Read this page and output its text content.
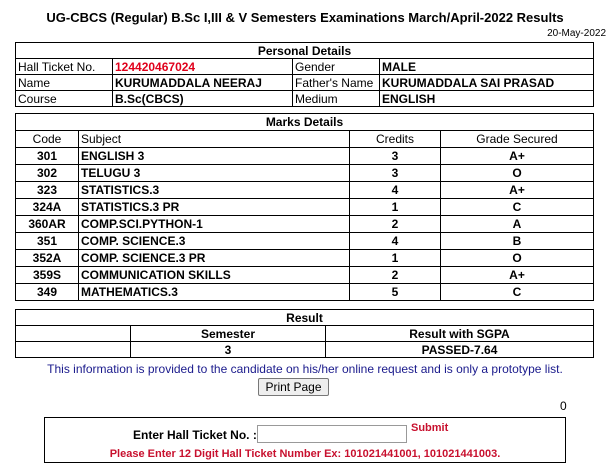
UG-CBCS (Regular) B.Sc I,III & V Semesters Examinations March/April-2022 Results
20-May-2022
Personal Details			
Hall Ticket No.	124420467024	Gender	MALE
Name	KURUMADDALA NEERAJ	Father's Name	KURUMADDALA SAI PRASAD
Course	B.Sc(CBCS)	Medium	ENGLISH
Marks Details			
Code	Subject	Credits	Grade Secured
301	ENGLISH 3	3	A+
302	TELUGU 3	3	O
323	STATISTICS.3	4	A+
324A	STATISTICS.3 PR	1	C
360AR	COMP.SCI.PYTHON-1	2	A
351	COMP. SCIENCE.3	4	B
352A	COMP. SCIENCE.3 PR	1	O
359S	COMMUNICATION SKILLS	2	A+
349	MATHEMATICS.3	5	C
Result		
	Semester	Result with SGPA
	3	PASSED-7.64
This information is provided to the candidate on his/her online request and is only a prototype list.
Print Page
0
Enter Hall Ticket No. :	Submit
Please Enter 12 Digit Hall Ticket Number Ex: 101021441001, 101021441003.
